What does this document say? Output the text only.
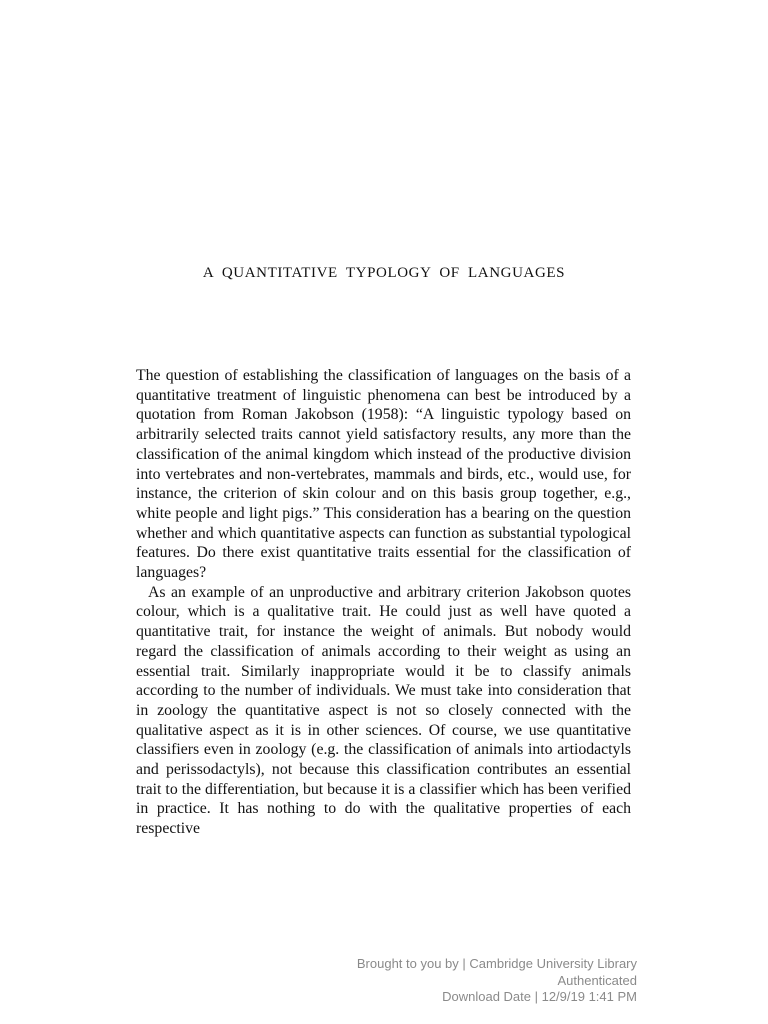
A QUANTITATIVE TYPOLOGY OF LANGUAGES

The question of establishing the classification of languages on the basis of a quantitative treatment of linguistic phenomena can best be introduced by a quotation from Roman Jakobson (1958): “A linguistic typology based on arbitrarily selected traits cannot yield satisfactory results, any more than the classification of the animal kingdom which instead of the productive division into vertebrates and non-vertebrates, mammals and birds, etc., would use, for instance, the criterion of skin colour and on this basis group together, e.g., white people and light pigs.” This consideration has a bearing on the question whether and which quantitative aspects can function as substantial typological features. Do there exist quantitative traits essential for the classification of languages?

As an example of an unproductive and arbitrary criterion Jakobson quotes colour, which is a qualitative trait. He could just as well have quoted a quantitative trait, for instance the weight of animals. But nobody would regard the classification of animals according to their weight as using an essential trait. Similarly inappropriate would it be to classify animals according to the number of individuals. We must take into consideration that in zoology the quantitative aspect is not so closely connected with the qualitative aspect as it is in other sciences. Of course, we use quantitative classifiers even in zoology (e.g. the classification of animals into artiodactyls and perissodactyls), not because this classification contributes an essential trait to the differentiation, but because it is a classifier which has been verified in practice. It has nothing to do with the qualitative properties of each respective

Brought to you by | Cambridge University Library
Authenticated
Download Date | 12/9/19 1:41 PM
